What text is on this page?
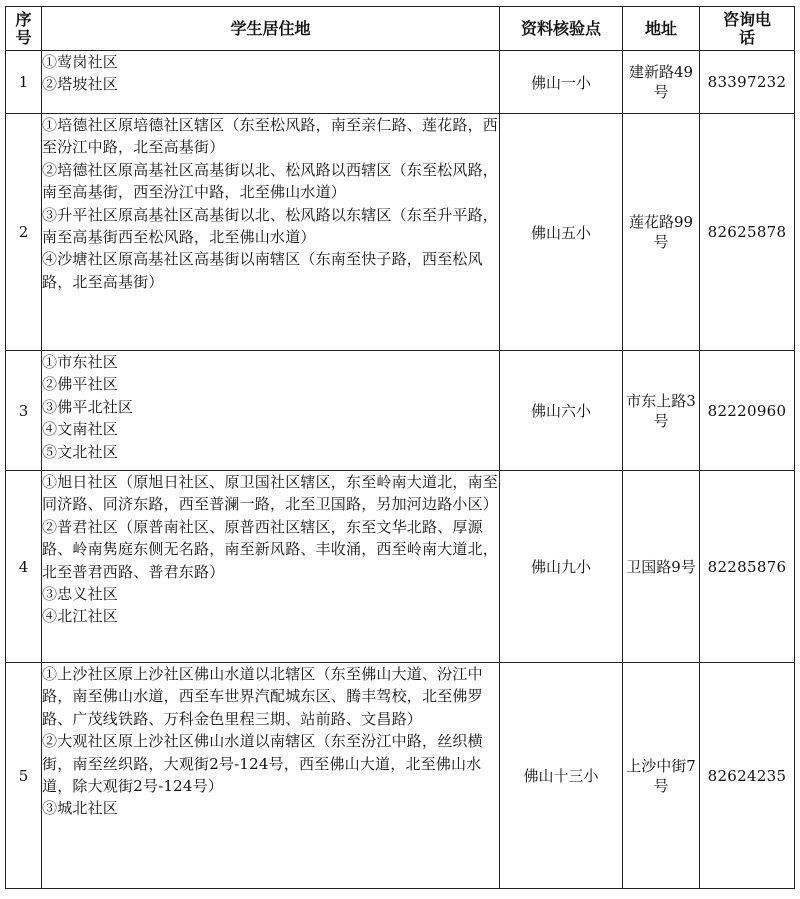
序号	学生居住地	资料核验点	地址	咨询电话

1	①莺岗社区
②塔坡社区	佛山一小	建新路49号	83397232
2	①培德社区原培德社区辖区（东至松风路，南至亲仁路、莲花路，西至汾江中路，北至高基街）
②培德社区原高基社区高基街以北、松风路以西辖区（东至松风路，南至高基街，西至汾江中路，北至佛山水道）
③升平社区原高基社区高基街以北、松风路以东辖区（东至升平路，南至高基街西至松风路，北至佛山水道）
④沙塘社区原高基社区高基街以南辖区（东南至快子路，西至松风路，北至高基街）	佛山五小	莲花路99号	82625878
3	①市东社区
②佛平社区
③佛平北社区
④文南社区
⑤文北社区	佛山六小	市东上路3号	82220960
4	①旭日社区（原旭日社区、原卫国社区辖区，东至岭南大道北，南至同济路、同济东路，西至普澜一路，北至卫国路，另加河边路小区）
②普君社区（原普南社区、原普西社区辖区，东至文华北路、厚源路、岭南隽庭东侧无名路，南至新风路、丰收涌，西至岭南大道北，北至普君西路、普君东路）
③忠义社区
④北江社区	佛山九小	卫国路9号	82285876
5	①上沙社区原上沙社区佛山水道以北辖区（东至佛山大道、汾江中路，南至佛山水道，西至车世界汽配城东区、腾丰驾校，北至佛罗路、广茂线铁路、万科金色里程三期、站前路、文昌路）
②大观社区原上沙社区佛山水道以南辖区（东至汾江中路，丝织横街，南至丝织路，大观街2号-124号，西至佛山大道，北至佛山水道，除大观街2号-124号）
③城北社区	佛山十三小	上沙中街7号	82624235
